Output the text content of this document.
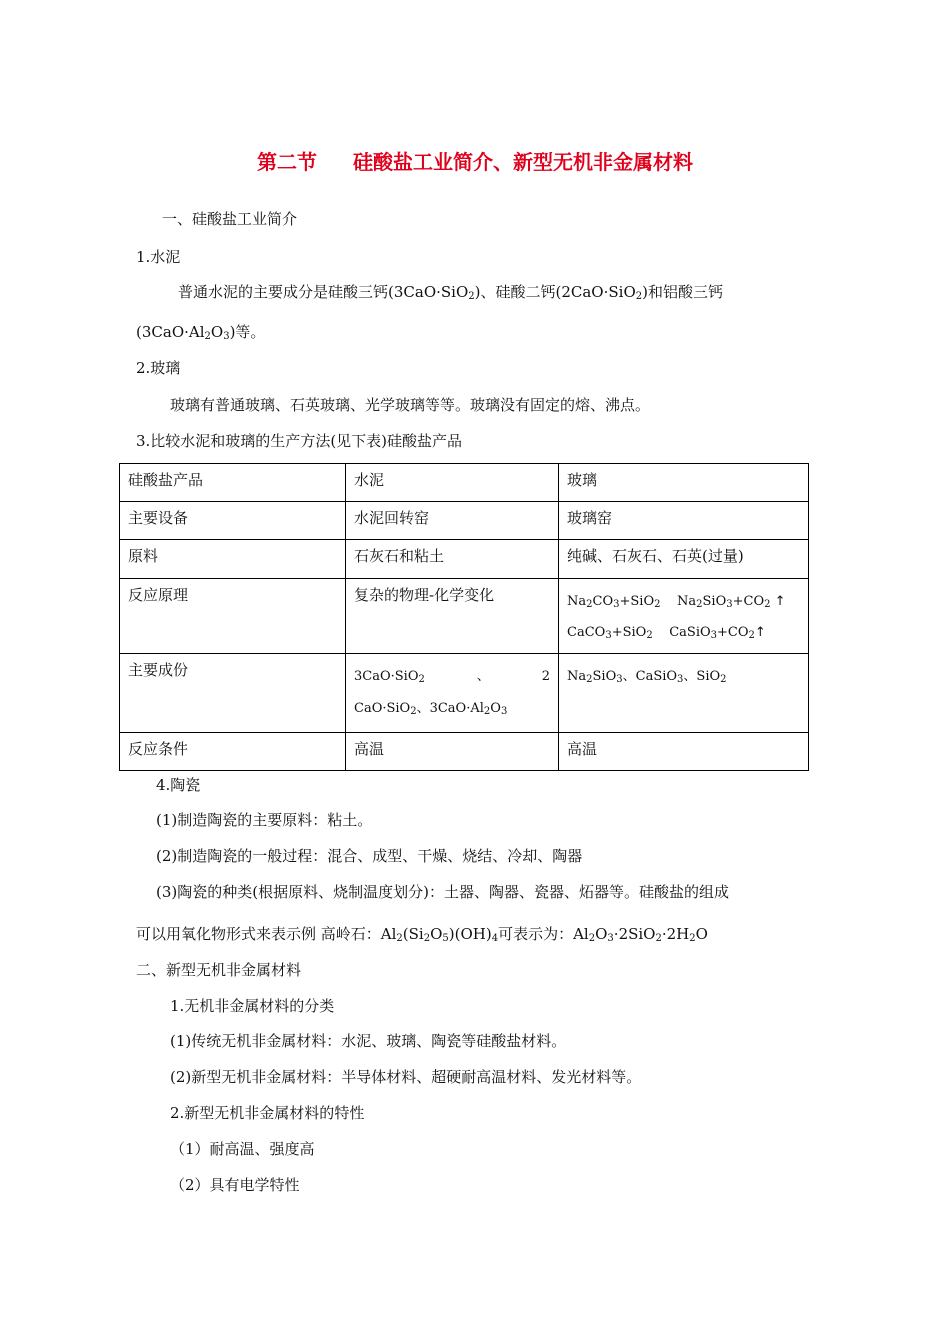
第二节 硅酸盐工业简介、新型无机非金属材料
一、硅酸盐工业简介
1.水泥
普通水泥的主要成分是硅酸三钙(3CaO·SiO$_2$)、硅酸二钙(2CaO·SiO$_2$)和铝酸三钙
$(3CaO\cdot Al_2O_3)$等。
2.玻璃
玻璃有普通玻璃、石英玻璃、光学玻璃等等。玻璃没有固定的熔、沸点。
3.比较水泥和玻璃的生产方法(见下表)硅酸盐产品
硅酸盐产品	水泥	玻璃
主要设备	水泥回转窑	玻璃窑
原料	石灰石和粘土	纯碱、石灰石、石英(过量)
反应原理	复杂的物理-化学变化	$Na_2CO_3+SiO_2$    $Na_2SiO_3+CO_2$ ↑
CaCO$_3$+SiO$_2$    $CaSiO_3+CO_2↑$

主要成份	3CaO·SiO$_2$ 、 2
CaO·SiO$_2$、$3CaO\cdot Al_2O_3$	$Na_2SiO_3$、CaSiO$_3$、SiO$_2$

反应条件	高温	高温
4.陶瓷
(1)制造陶瓷的主要原料：粘土。
(2)制造陶瓷的一般过程：混合、成型、干燥、烧结、冷却、陶器
(3)陶瓷的种类(根据原料、烧制温度划分)：土器、陶器、瓷器、炻器等。硅酸盐的组成
可以用氧化物形式来表示例 高岭石：$Al_2(Si_2O_5)(OH)_4$可表示为：$Al_2O_3\cdot 2SiO_2\cdot 2H_2O$
二、新型无机非金属材料
1.无机非金属材料的分类
(1)传统无机非金属材料：水泥、玻璃、陶瓷等硅酸盐材料。
(2)新型无机非金属材料：半导体材料、超硬耐高温材料、发光材料等。
2.新型无机非金属材料的特性
（1）耐高温、强度高
（2）具有电学特性
